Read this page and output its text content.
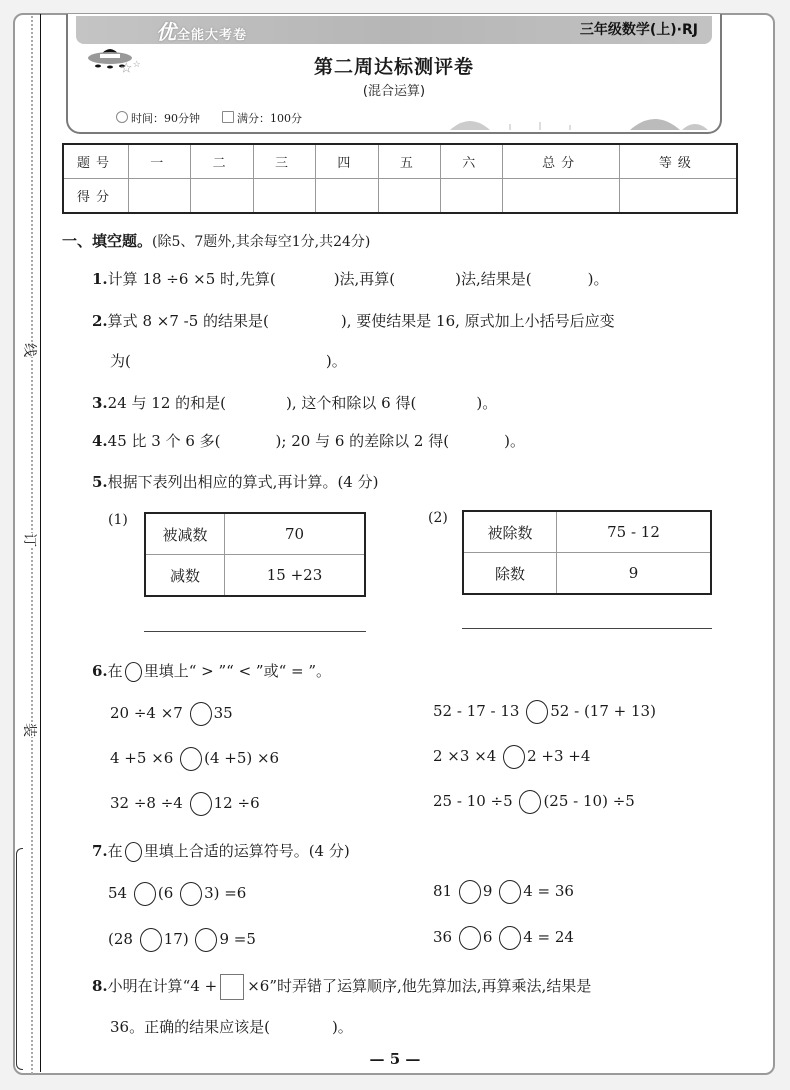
线
订
装
优全能大考卷	三年级数学(上)·RJ
☆☆	第二周达标测评卷
(混合运算)
时间：90分钟	满分：100分
题号	一	二	三	四	五	六	总分	等级
得分								
一、填空题。(除5、7题外,其余每空1分,共24分)
1.计算 18 ÷6 ×5 时,先算(	)法,再算(	)法,结果是(	)。
2.算式 8 ×7 -5 的结果是(	), 要使结果是 16, 原式加上小括号后应变
为(	)。
3.24 与 12 的和是(	), 这个和除以 6 得(	)。
4.45 比 3 个 6 多(	); 20 与 6 的差除以 2 得(	)。
5.根据下表列出相应的算式,再计算。(4 分)
(1)
被减数	70
减数	15 +23
(2)
被除数	75 - 12
除数	9
6.在 里填上“ > ”“ < ”或“ = ”。
20 ÷4 ×7 35	52 - 17 - 13 52 - (17 + 13)
4 +5 ×6 (4 +5) ×6	2 ×3 ×4 2 +3 +4
32 ÷8 ÷4 12 ÷6	25 - 10 ÷5 (25 - 10) ÷5
7.在 里填上合适的运算符号。(4 分)
54 (6 3) =6	81 9 4 = 36
(28 17) 9 =5	36 6 4 = 24
8.小明在计算“4 + ×6”时弄错了运算顺序,他先算加法,再算乘法,结果是
36。正确的结果应该是(	)。
— 5 —
